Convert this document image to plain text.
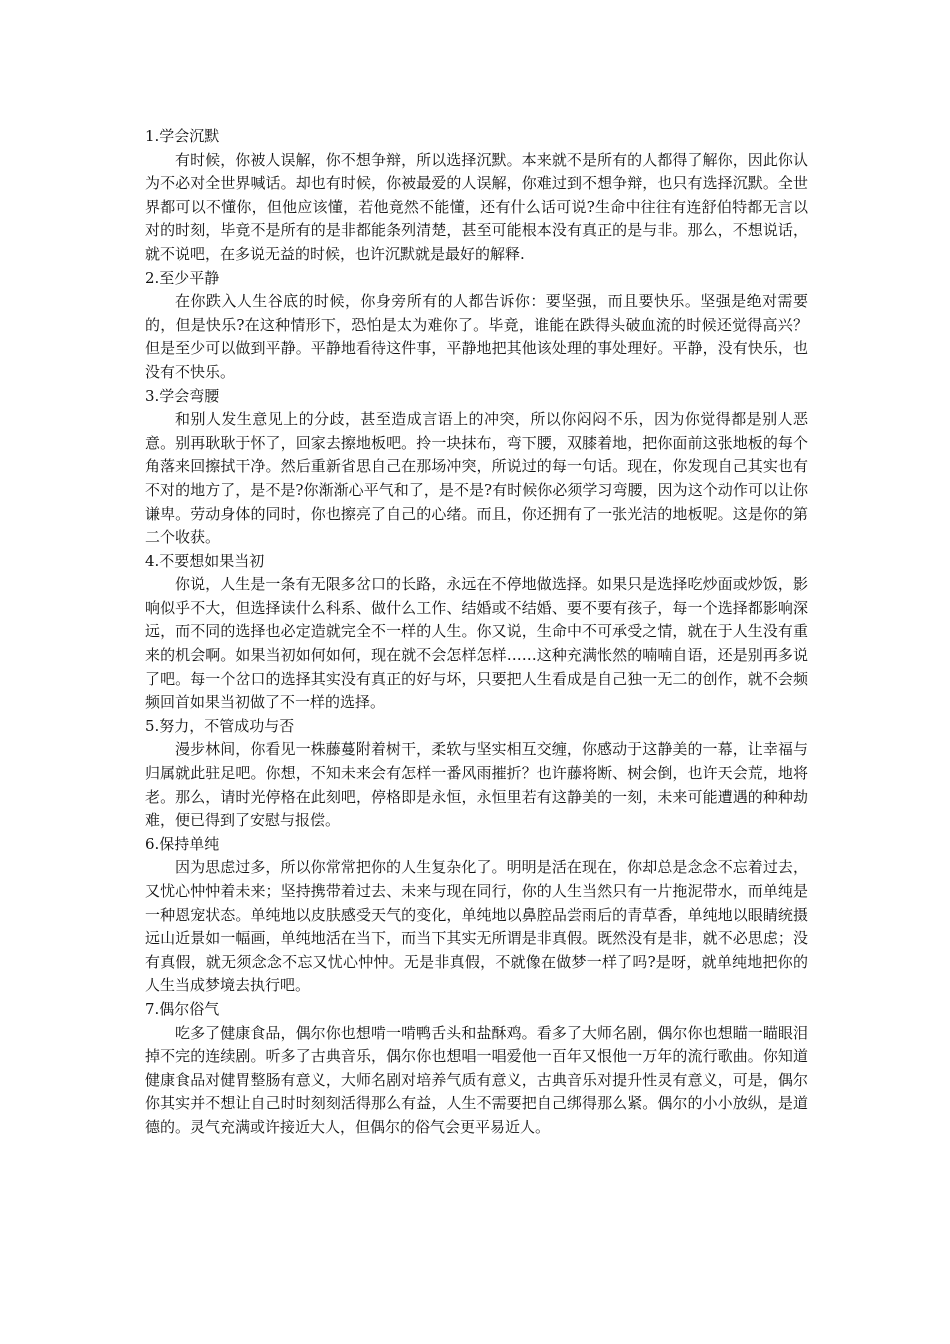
1.学会沉默

有时候，你被人误解，你不想争辩，所以选择沉默。本来就不是所有的人都得了解你，因此你认为不必对全世界喊话。却也有时候，你被最爱的人误解，你难过到不想争辩，也只有选择沉默。全世界都可以不懂你，但他应该懂，若他竟然不能懂，还有什么话可说?生命中往往有连舒伯特都无言以对的时刻，毕竟不是所有的是非都能条列清楚，甚至可能根本没有真正的是与非。那么，不想说话，就不说吧，在多说无益的时候，也许沉默就是最好的解释.

2.至少平静

在你跌入人生谷底的时候，你身旁所有的人都告诉你：要坚强，而且要快乐。坚强是绝对需要的，但是快乐?在这种情形下，恐怕是太为难你了。毕竟，谁能在跌得头破血流的时候还觉得高兴？但是至少可以做到平静。平静地看待这件事，平静地把其他该处理的事处理好。平静，没有快乐，也没有不快乐。

3.学会弯腰

和别人发生意见上的分歧，甚至造成言语上的冲突，所以你闷闷不乐，因为你觉得都是别人恶意。别再耿耿于怀了，回家去擦地板吧。拎一块抹布，弯下腰，双膝着地，把你面前这张地板的每个角落来回擦拭干净。然后重新省思自己在那场冲突，所说过的每一句话。现在，你发现自己其实也有不对的地方了，是不是?你渐渐心平气和了，是不是?有时候你必须学习弯腰，因为这个动作可以让你谦卑。劳动身体的同时，你也擦亮了自己的心绪。而且，你还拥有了一张光洁的地板呢。这是你的第二个收获。

4.不要想如果当初

你说，人生是一条有无限多岔口的长路，永远在不停地做选择。如果只是选择吃炒面或炒饭，影响似乎不大，但选择读什么科系、做什么工作、结婚或不结婚、要不要有孩子，每一个选择都影响深远，而不同的选择也必定造就完全不一样的人生。你又说，生命中不可承受之情，就在于人生没有重来的机会啊。如果当初如何如何，现在就不会怎样怎样……这种充满怅然的喃喃自语，还是别再多说了吧。每一个岔口的选择其实没有真正的好与坏，只要把人生看成是自己独一无二的创作，就不会频频回首如果当初做了不一样的选择。

5.努力，不管成功与否

漫步林间，你看见一株藤蔓附着树干，柔软与坚实相互交缠，你感动于这静美的一幕，让幸福与归属就此驻足吧。你想，不知未来会有怎样一番风雨摧折？也许藤将断、树会倒，也许天会荒，地将老。那么，请时光停格在此刻吧，停格即是永恒，永恒里若有这静美的一刻，未来可能遭遇的种种劫难，便已得到了安慰与报偿。

6.保持单纯

因为思虑过多，所以你常常把你的人生复杂化了。明明是活在现在，你却总是念念不忘着过去，又忧心忡忡着未来；坚持携带着过去、未来与现在同行，你的人生当然只有一片拖泥带水，而单纯是一种恩宠状态。单纯地以皮肤感受天气的变化，单纯地以鼻腔品尝雨后的青草香，单纯地以眼睛统摄远山近景如一幅画，单纯地活在当下，而当下其实无所谓是非真假。既然没有是非，就不必思虑；没有真假，就无须念念不忘又忧心忡忡。无是非真假，不就像在做梦一样了吗?是呀，就单纯地把你的人生当成梦境去执行吧。

7.偶尔俗气

吃多了健康食品，偶尔你也想啃一啃鸭舌头和盐酥鸡。看多了大师名剧，偶尔你也想瞄一瞄眼泪掉不完的连续剧。听多了古典音乐，偶尔你也想唱一唱爱他一百年又恨他一万年的流行歌曲。你知道健康食品对健胃整肠有意义，大师名剧对培养气质有意义，古典音乐对提升性灵有意义，可是，偶尔你其实并不想让自己时时刻刻活得那么有益，人生不需要把自己绑得那么紧。偶尔的小小放纵，是道德的。灵气充满或许接近大人，但偶尔的俗气会更平易近人。
